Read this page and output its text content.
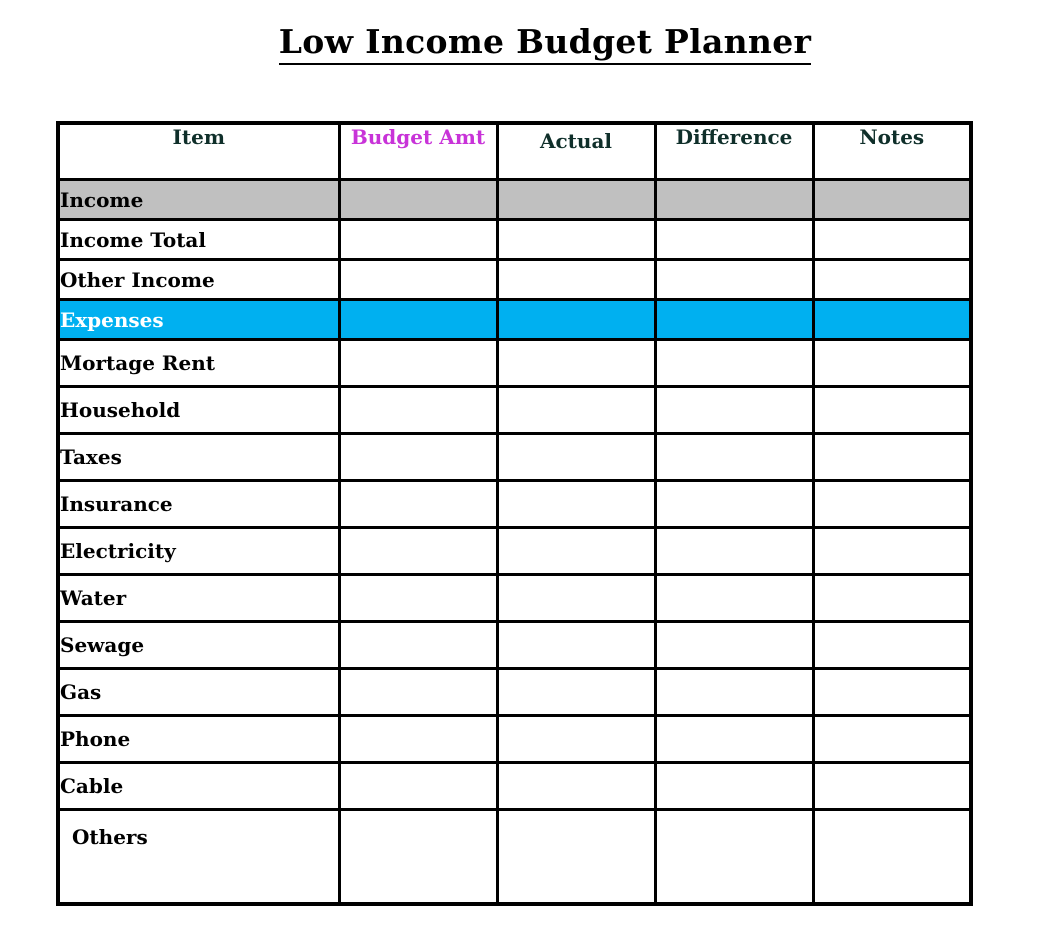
Low Income Budget Planner
Item	Budget Amt	Actual	Difference	Notes
Income				
Income Total				
Other Income				
Expenses				
Mortage Rent				
Household				
Taxes				
Insurance				
Electricity				
Water				
Sewage				
Gas				
Phone				
Cable				
Others				
